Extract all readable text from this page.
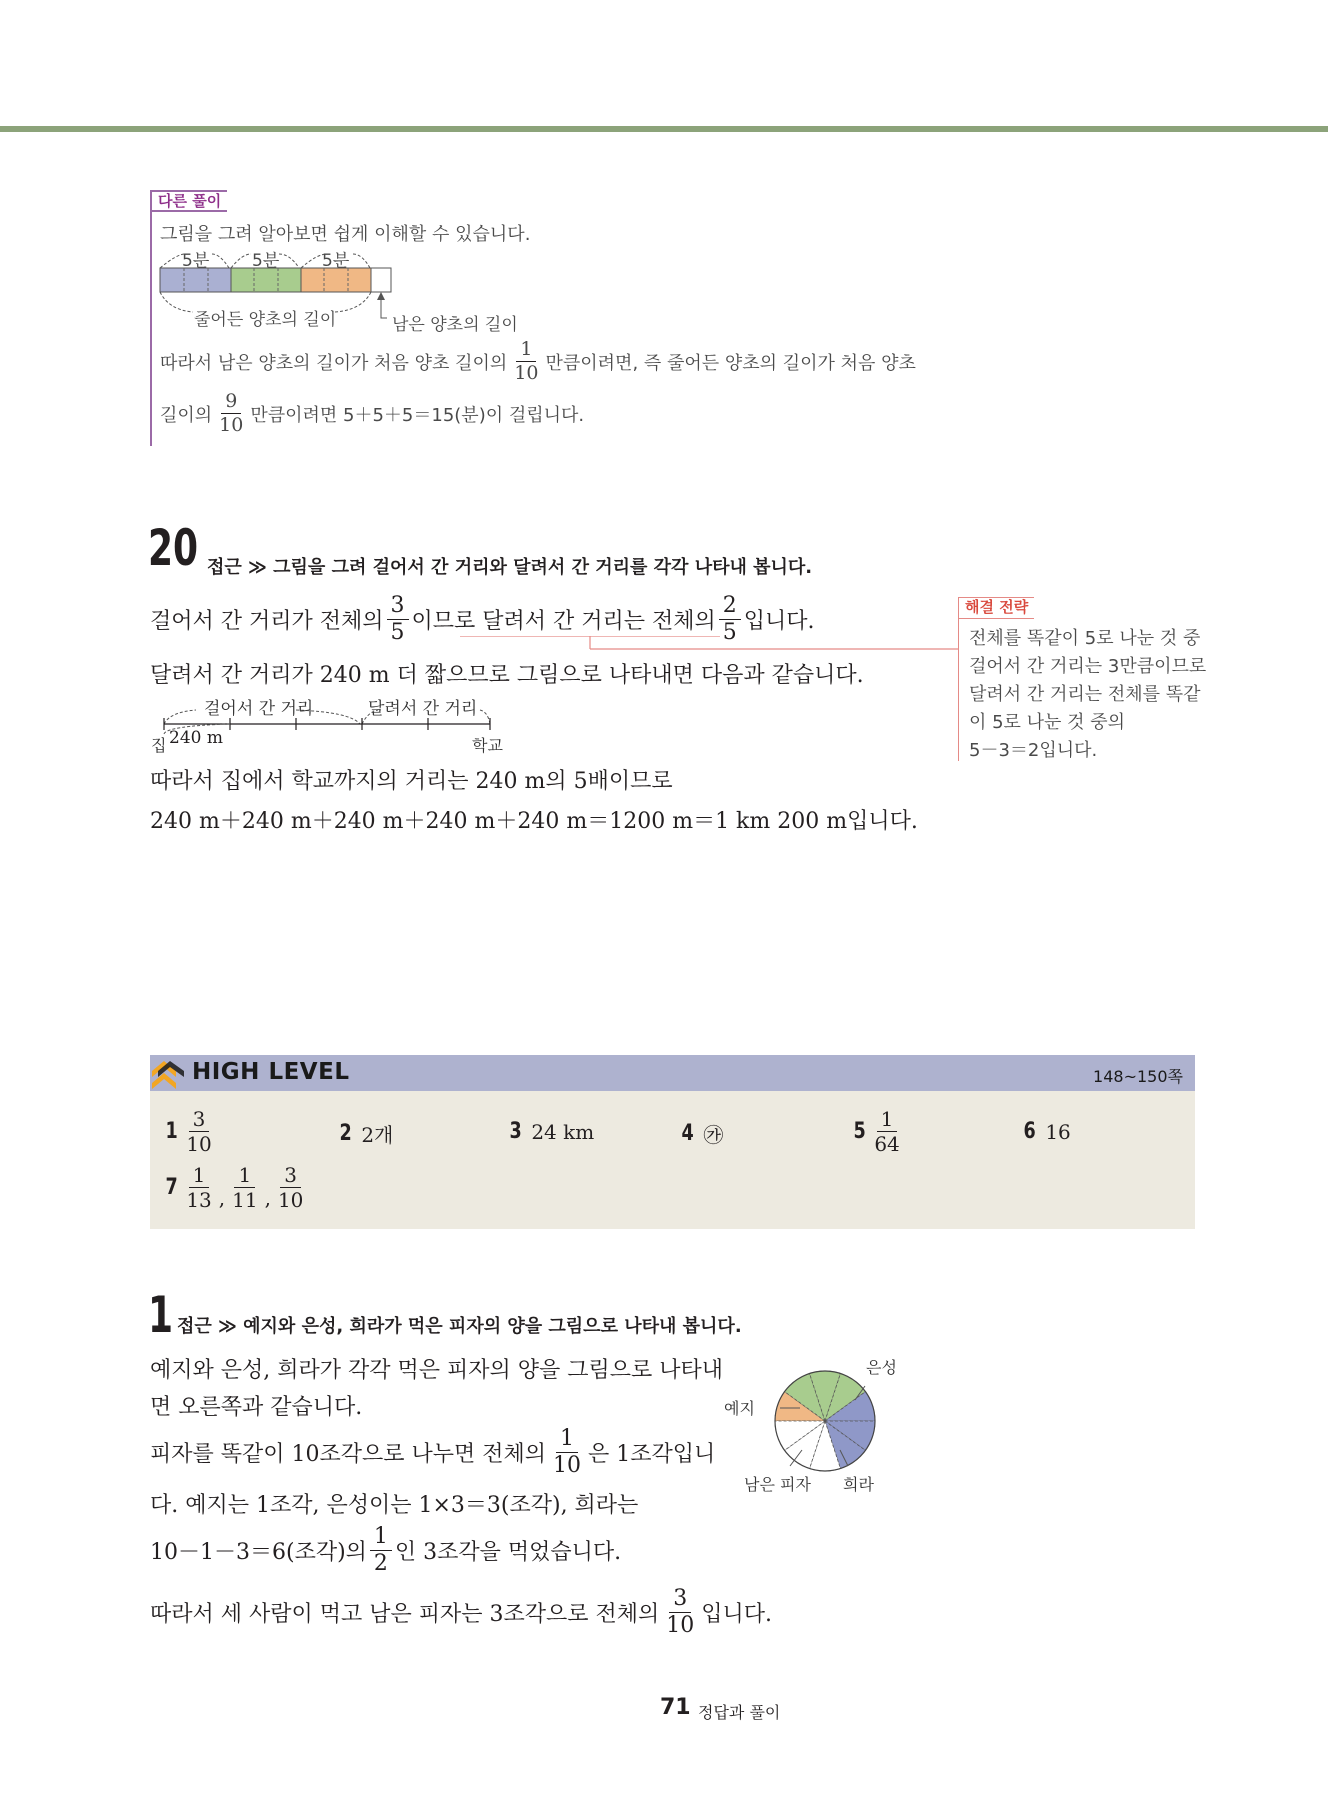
다른 풀이
그림을 그려 알아보면 쉽게 이해할 수 있습니다.
5분	5분	5분
줄어든 양초의 길이	남은 양초의 길이
따라서 남은 양초의 길이가 처음 양초 길이의 $\frac{1}{10}$ 만큼이려면, 즉 줄어든 양초의 길이가 처음 양초
길이의 $\frac{9}{10}$ 만큼이려면 5＋5＋5＝15(분)이 걸립니다.
20 접근 ≫ 그림을 그려 걸어서 간 거리와 달려서 간 거리를 각각 나타내 봅니다.
걸어서 간 거리가 전체의 $\frac{3}{5}$ 이므로 달려서 간 거리는 전체의 $\frac{2}{5}$ 입니다.
달려서 간 거리가 240 m 더 짧으므로 그림으로 나타내면 다음과 같습니다.
걸어서 간 거리	달려서 간 거리
집 240 m	학교
따라서 집에서 학교까지의 거리는 240 m의 5배이므로
240 m＋240 m＋240 m＋240 m＋240 m＝1200 m＝1 km 200 m입니다.
해결 전략
전체를 똑같이 5로 나눈 것 중
걸어서 간 거리는 3만큼이므로
달려서 간 거리는 전체를 똑같
이 5로 나눈 것 중의
5－3＝2입니다.
HIGH LEVEL	148~150쪽
$1 \frac{3}{10}$	2 2개	3 24 km	4 ㉮	$5 \frac{1}{64}$	6 16
$7 \frac{1}{13}$ , $\frac{1}{11}$ , $\frac{3}{10}$
1 접근 ≫ 예지와 은성, 희라가 먹은 피자의 양을 그림으로 나타내 봅니다.
예지와 은성, 희라가 각각 먹은 피자의 양을 그림으로 나타내
면 오른쪽과 같습니다.
피자를 똑같이 10조각으로 나누면 전체의 $\frac{1}{10}$ 은 1조각입니
다. 예지는 1조각, 은성이는 1×3＝3(조각), 희라는
10－1－3＝6(조각)의 $\frac{1}{2}$ 인 3조각을 먹었습니다.
따라서 세 사람이 먹고 남은 피자는 3조각으로 전체의 $\frac{3}{10}$ 입니다.
은성
예지
남은 피자 희라
71 정답과 풀이
